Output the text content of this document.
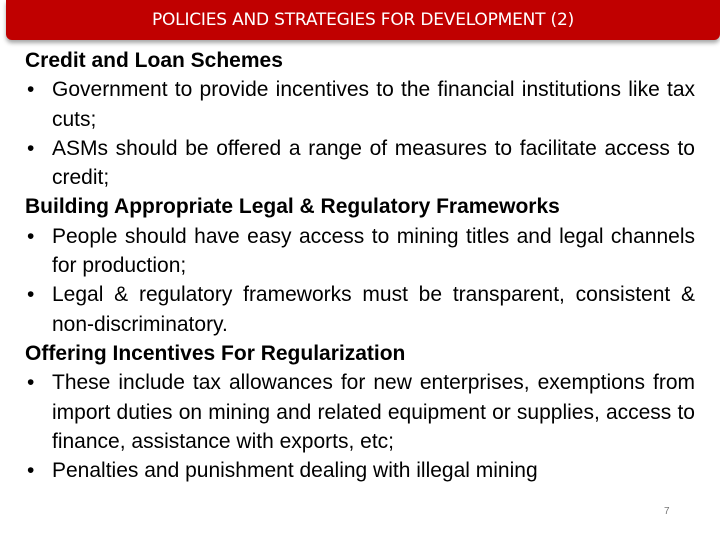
POLICIES AND STRATEGIES FOR DEVELOPMENT (2)

Credit and Loan Schemes

• Government to provide incentives to the financial institutions like tax cuts;

• ASMs should be offered a range of measures to facilitate access to credit;

Building Appropriate Legal & Regulatory Frameworks

• People should have easy access to mining titles and legal channels for production;

• Legal & regulatory frameworks must be transparent, consistent & non-discriminatory.

Offering Incentives For Regularization

• These include tax allowances for new enterprises, exemptions from import duties on mining and related equipment or supplies, access to finance, assistance with exports, etc;

• Penalties and punishment dealing with illegal mining

7
